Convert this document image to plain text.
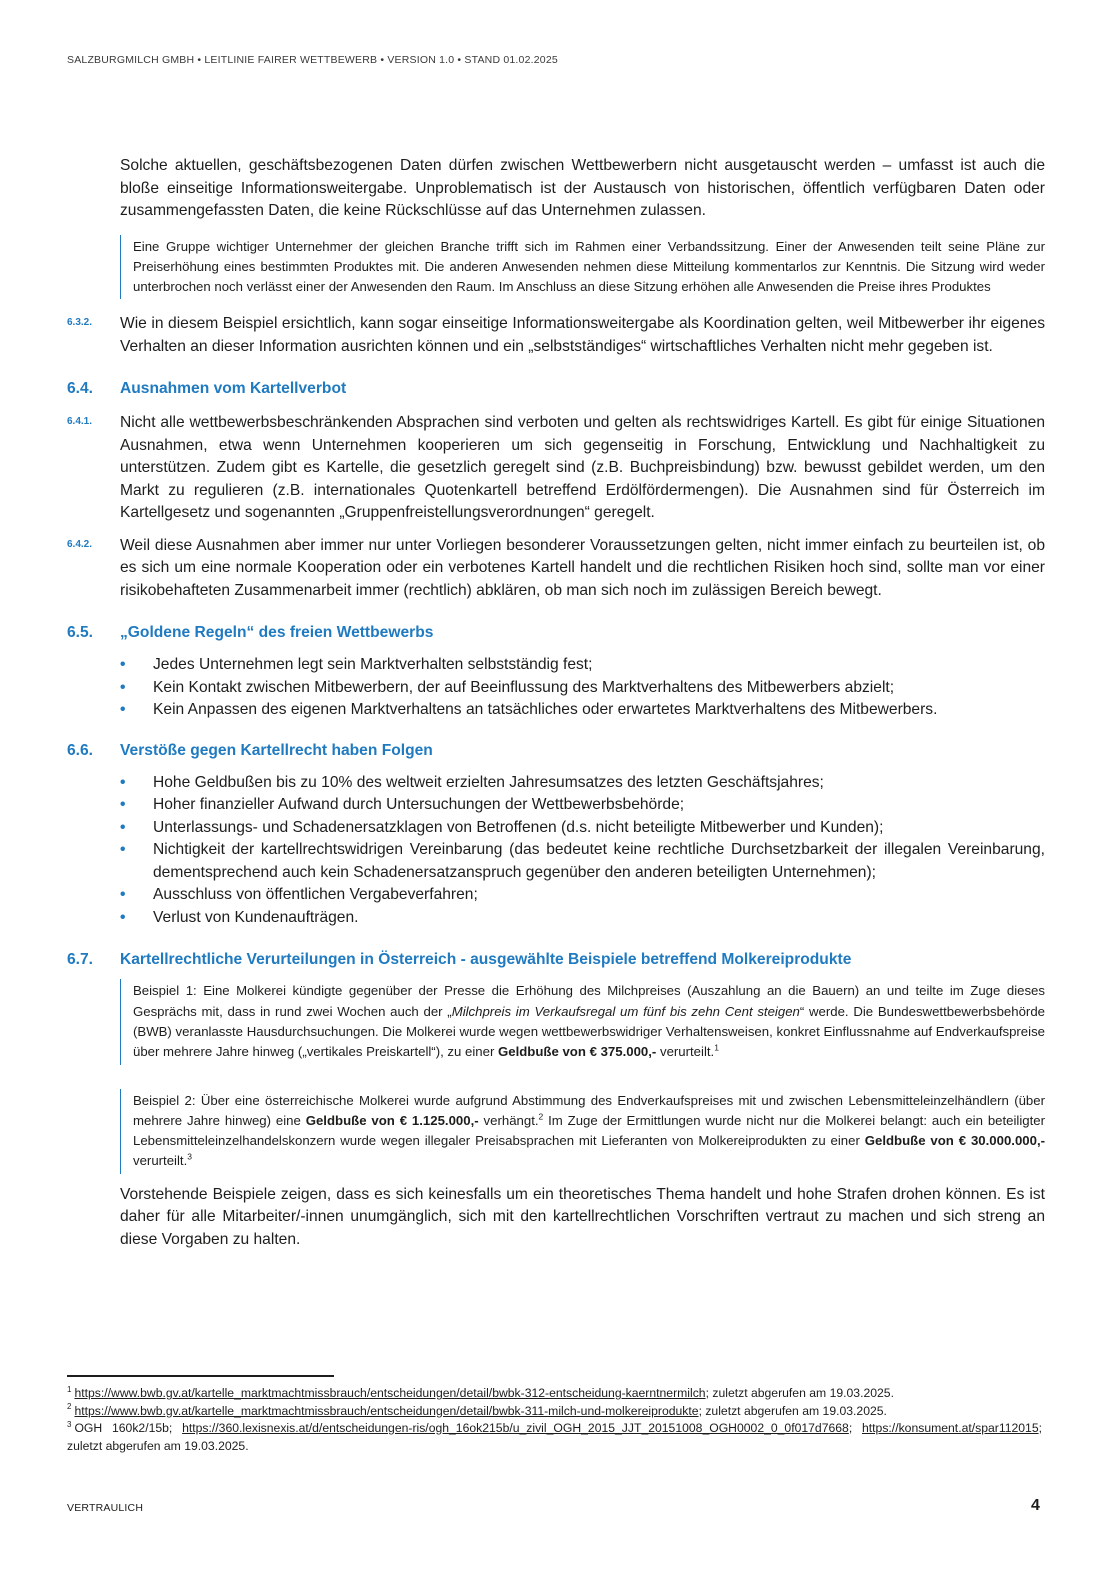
SALZBURGMILCH GMBH • LEITLINIE FAIRER WETTBEWERB • VERSION 1.0 • STAND 01.02.2025

Solche aktuellen, geschäftsbezogenen Daten dürfen zwischen Wettbewerbern nicht ausgetauscht werden – umfasst ist auch die bloße einseitige Informationsweitergabe. Unproblematisch ist der Austausch von historischen, öffentlich verfügbaren Daten oder zusammengefassten Daten, die keine Rückschlüsse auf das Unternehmen zulassen.

Eine Gruppe wichtiger Unternehmer der gleichen Branche trifft sich im Rahmen einer Verbandssitzung. Einer der Anwesenden teilt seine Pläne zur Preiserhöhung eines bestimmten Produktes mit. Die anderen Anwesenden nehmen diese Mitteilung kommentarlos zur Kenntnis. Die Sitzung wird weder unterbrochen noch verlässt einer der Anwesenden den Raum. Im Anschluss an diese Sitzung erhöhen alle Anwesenden die Preise ihres Produktes
6.3.2. Wie in diesem Beispiel ersichtlich, kann sogar einseitige Informationsweitergabe als Koordination gelten, weil Mitbewerber ihr eigenes Verhalten an dieser Information ausrichten können und ein „selbstständiges“ wirtschaftliches Verhalten nicht mehr gegeben ist.

6.4. Ausnahmen vom Kartellverbot
6.4.1. Nicht alle wettbewerbsbeschränkenden Absprachen sind verboten und gelten als rechtswidriges Kartell. Es gibt für einige Situationen Ausnahmen, etwa wenn Unternehmen kooperieren um sich gegenseitig in Forschung, Entwicklung und Nachhaltigkeit zu unterstützen. Zudem gibt es Kartelle, die gesetzlich geregelt sind (z.B. Buchpreisbindung) bzw. bewusst gebildet werden, um den Markt zu regulieren (z.B. internationales Quotenkartell betreffend Erdölfördermengen). Die Ausnahmen sind für Österreich im Kartellgesetz und sogenannten „Gruppenfreistellungsverordnungen“ geregelt.

6.4.2. Weil diese Ausnahmen aber immer nur unter Vorliegen besonderer Voraussetzungen gelten, nicht immer einfach zu beurteilen ist, ob es sich um eine normale Kooperation oder ein verbotenes Kartell handelt und die rechtlichen Risiken hoch sind, sollte man vor einer risikobehafteten Zusammenarbeit immer (rechtlich) abklären, ob man sich noch im zulässigen Bereich bewegt.

6.5. „Goldene Regeln“ des freien Wettbewerbs
• Jedes Unternehmen legt sein Marktverhalten selbstständig fest;
• Kein Kontakt zwischen Mitbewerbern, der auf Beeinflussung des Marktverhaltens des Mitbewerbers abzielt;
• Kein Anpassen des eigenen Marktverhaltens an tatsächliches oder erwartetes Marktverhaltens des Mitbewerbers.
6.6. Verstöße gegen Kartellrecht haben Folgen
• Hohe Geldbußen bis zu 10% des weltweit erzielten Jahresumsatzes des letzten Geschäftsjahres;
• Hoher finanzieller Aufwand durch Untersuchungen der Wettbewerbsbehörde;
• Unterlassungs- und Schadenersatzklagen von Betroffenen (d.s. nicht beteiligte Mitbewerber und Kunden);
• Nichtigkeit der kartellrechtswidrigen Vereinbarung (das bedeutet keine rechtliche Durchsetzbarkeit der illegalen Vereinbarung, dementsprechend auch kein Schadenersatzanspruch gegenüber den anderen beteiligten Unternehmen);
• Ausschluss von öffentlichen Vergabeverfahren;
• Verlust von Kundenaufträgen.
6.7. Kartellrechtliche Verurteilungen in Österreich - ausgewählte Beispiele betreffend Molkereiprodukte
Beispiel 1: Eine Molkerei kündigte gegenüber der Presse die Erhöhung des Milchpreises (Auszahlung an die Bauern) an und teilte im Zuge dieses Gesprächs mit, dass in rund zwei Wochen auch der „Milchpreis im Verkaufsregal um fünf bis zehn Cent steigen“ werde. Die Bundeswettbewerbsbehörde (BWB) veranlasste Hausdurchsuchungen. Die Molkerei wurde wegen wettbewerbswidriger Verhaltensweisen, konkret Einflussnahme auf Endverkaufspreise über mehrere Jahre hinweg („vertikales Preiskartell“), zu einer Geldbuße von € 375.000,- verurteilt.$^1$
Beispiel 2: Über eine österreichische Molkerei wurde aufgrund Abstimmung des Endverkaufspreises mit und zwischen Lebensmitteleinzelhändlern (über mehrere Jahre hinweg) eine Geldbuße von € 1.125.000,- verhängt.$^2$ Im Zuge der Ermittlungen wurde nicht nur die Molkerei belangt: auch ein beteiligter Lebensmitteleinzelhandelskonzern wurde wegen illegaler Preisabsprachen mit Lieferanten von Molkereiprodukten zu einer Geldbuße von € 30.000.000,- verurteilt.$^3$

Vorstehende Beispiele zeigen, dass es sich keinesfalls um ein theoretisches Thema handelt und hohe Strafen drohen können. Es ist daher für alle Mitarbeiter/-innen unumgänglich, sich mit den kartellrechtlichen Vorschriften vertraut zu machen und sich streng an diese Vorgaben zu halten.

$^1$ https://www.bwb.gv.at/kartelle_marktmachtmissbrauch/entscheidungen/detail/bwbk-312-entscheidung-kaerntnermilch; zuletzt abgerufen am 19.03.2025.
$^2$ https://www.bwb.gv.at/kartelle_marktmachtmissbrauch/entscheidungen/detail/bwbk-311-milch-und-molkereiprodukte; zuletzt abgerufen am 19.03.2025.
$^3$ OGH 160k2/15b; https://360.lexisnexis.at/d/entscheidungen-ris/ogh_16ok215b/u_zivil_OGH_2015_JJT_20151008_OGH0002_0_0f017d7668; https://konsument.at/spar112015; zuletzt abgerufen am 19.03.2025.
VERTRAULICH	4
